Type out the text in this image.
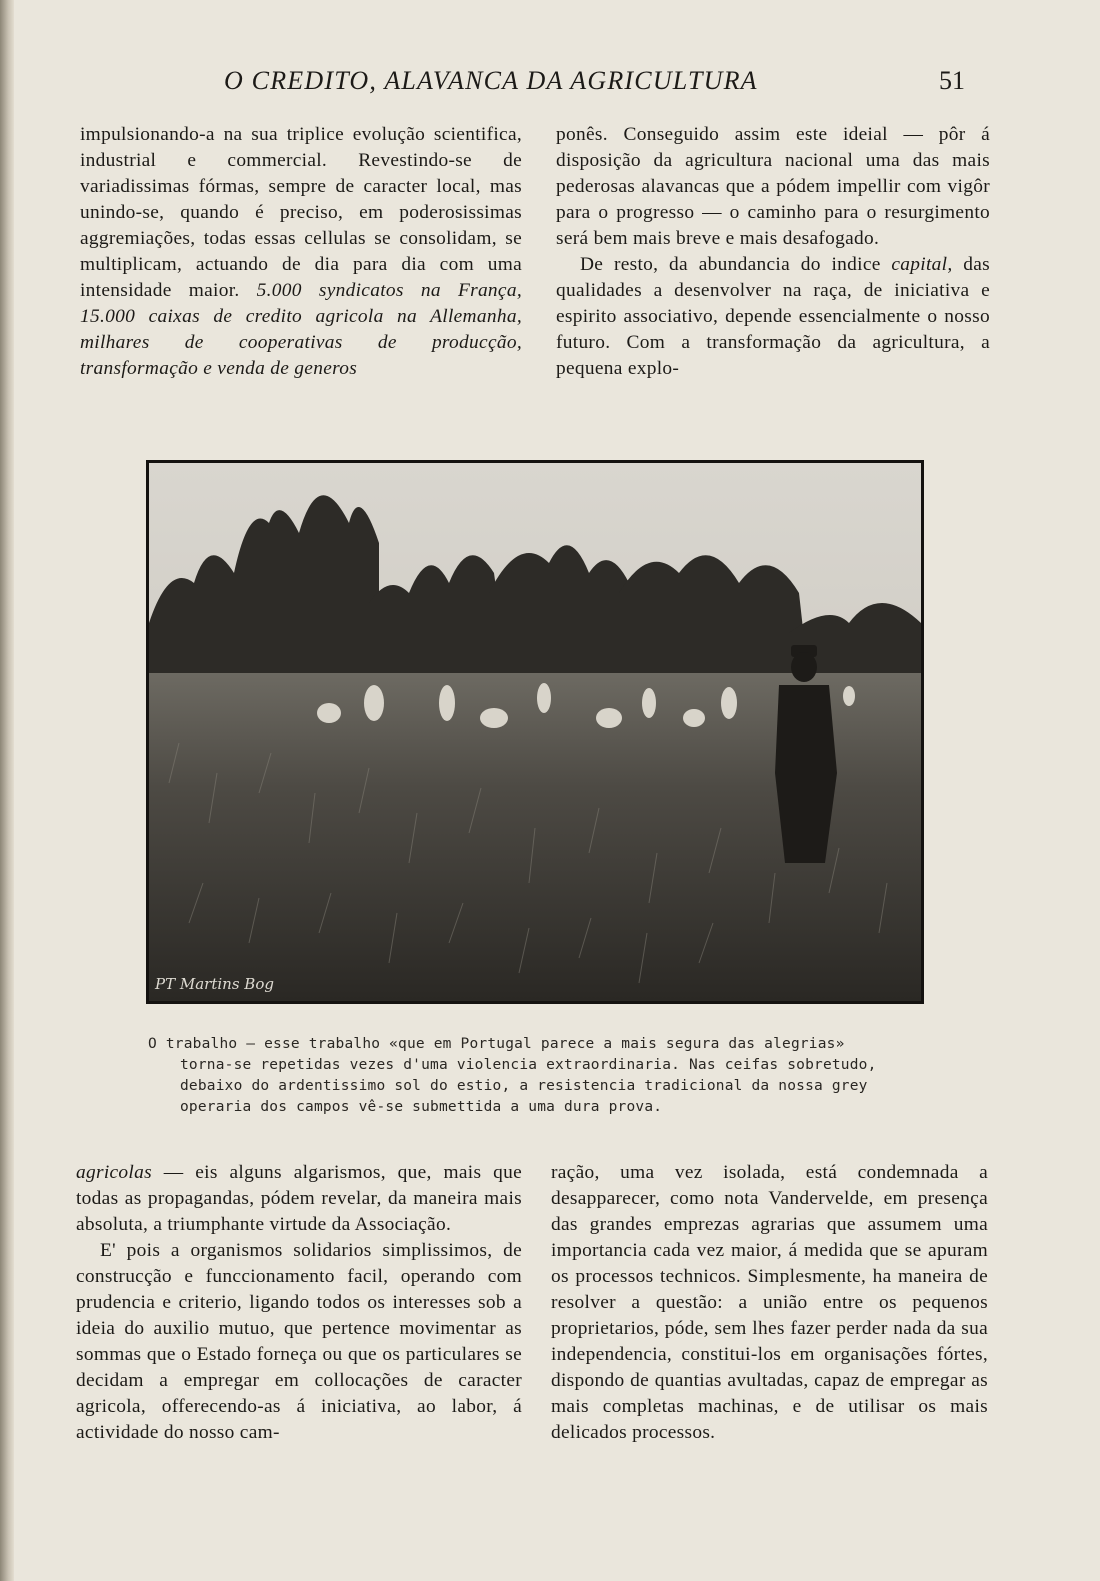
O CREDITO, ALAVANCA DA AGRICULTURA	51

impulsionando-a na sua triplice evolução scientifica, industrial e commercial. Revestindo-se de variadissimas fórmas, sempre de caracter local, mas unindo-se, quando é preciso, em poderosissimas aggremiações, todas essas cellulas se consolidam, se multiplicam, actuando de dia para dia com uma intensidade maior. 5.000 syndicatos na França, 15.000 caixas de credito agricola na Allemanha, milhares de cooperativas de producção, transformação e venda de generos

ponês. Conseguido assim este ideial — pôr á disposição da agricultura nacional uma das mais pederosas alavancas que a pódem impellir com vigôr para o progresso — o caminho para o resurgimento será bem mais breve e mais desafogado.

De resto, da abundancia do indice capital, das qualidades a desenvolver na raça, de iniciativa e espirito associativo, depende essencialmente o nosso futuro. Com a transformação da agricultura, a pequena explo-

PT Martins Bog

O trabalho — esse trabalho «que em Portugal parece a mais segura das alegrias»

torna-se repetidas vezes d'uma violencia extraordinaria. Nas ceifas sobretudo,

debaixo do ardentissimo sol do estio, a resistencia tradicional da nossa grey

operaria dos campos vê-se submettida a uma dura prova.

agricolas — eis alguns algarismos, que, mais que todas as propagandas, pódem revelar, da maneira mais absoluta, a triumphante virtude da Associação.

E' pois a organismos solidarios simplissimos, de construcção e funccionamento facil, operando com prudencia e criterio, ligando todos os interesses sob a ideia do auxilio mutuo, que pertence movimentar as sommas que o Estado forneça ou que os particulares se decidam a empregar em collocações de caracter agricola, offerecendo-as á iniciativa, ao labor, á actividade do nosso cam-

ração, uma vez isolada, está condemnada a desapparecer, como nota Vandervelde, em presença das grandes emprezas agrarias que assumem uma importancia cada vez maior, á medida que se apuram os processos technicos. Simplesmente, ha maneira de resolver a questão: a união entre os pequenos proprietarios, póde, sem lhes fazer perder nada da sua independencia, constitui-los em organisações fórtes, dispondo de quantias avultadas, capaz de empregar as mais completas machinas, e de utilisar os mais delicados processos.
